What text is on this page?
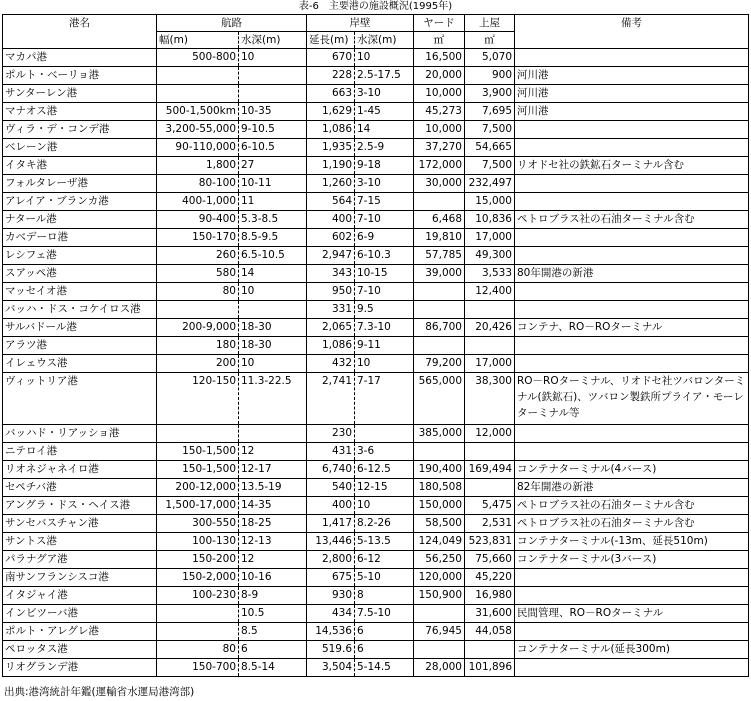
表-6　主要港の施設概況(1995年)
港名	航路		岸壁		ヤード	上屋	備考
	幅(m)	水深(m)	延長(m)	水深(m)	㎡	㎡	
マカパ港	500-800	10	670	10	16,500	5,070	
ポルト・ベーリョ港			228	2.5-17.5	20,000	900	河川港
サンターレン港			663	3-10	10,000	3,900	河川港
マナオス港	500-1,500km	10-35	1,629	1-45	45,273	7,695	河川港
ヴィラ・デ・コンデ港	3,200-55,000	9-10.5	1,086	14	10,000	7,500	
ベレーン港	90-110,000	6-10.5	1,935	2.5-9	37,270	54,665	
イタキ港	1,800	27	1,190	9-18	172,000	7,500	リオドセ社の鉄鉱石ターミナル含む
フォルタレーザ港	80-100	10-11	1,260	3-10	30,000	232,497	
アレイア・ブランカ港	400-1,000	11	564	7-15		15,000	
ナタール港	90-400	5.3-8.5	400	7-10	6,468	10,836	ペトロブラス社の石油ターミナル含む
カベデーロ港	150-170	8.5-9.5	602	6-9	19,810	17,000	
レシフェ港	260	6.5-10.5	2,947	6-10.3	57,785	49,300	
スアッペ港	580	14	343	10-15	39,000	3,533	80年開港の新港
マッセイオ港	80	10	950	7-10		12,400	
バッハ・ドス・コケイロス港			331	9.5			
サルバドール港	200-9,000	18-30	2,065	7.3-10	86,700	20,426	コンテナ、RO－ROターミナル
アラツ港	180	18-30	1,086	9-11			
イレェウス港	200	10	432	10	79,200	17,000	
ヴィットリア港	120-150	11.3-22.5	2,741	7-17	565,000	38,300	RO－ROターミナル、リオドセ社ツバロンターミナル(鉄鉱石)、ツバロン製鉄所プライア・モーレターミナル等
バッハド・リアッショ港			230		385,000	12,000	
ニテロイ港	150-1,500	12	431	3-6			
リオネジャネイロ港	150-1,500	12-17	6,740	6-12.5	190,400	169,494	コンテナターミナル(4バース)
セペチバ港	200-12,000	13.5-19	540	12-15	180,508		82年開港の新港
アングラ・ドス・ヘイス港	1,500-17,000	14-35	400	10	150,000	5,475	ペトロブラス社の石油ターミナル含む
サンセバスチャン港	300-550	18-25	1,417	8.2-26	58,500	2,531	ペトロブラス社の石油ターミナル含む
サントス港	100-130	12-13	13,446	5-13.5	124,049	523,831	コンテナターミナル(-13m、延長510m)
パラナグア港	150-200	12	2,800	6-12	56,250	75,660	コンテナターミナル(3バース)
南サンフランシスコ港	150-2,000	10-16	675	5-10	120,000	45,220	
イタジャイ港	100-230	8-9	930	8	150,900	16,980	
インビツーバ港		10.5	434	7.5-10		31,600	民間管理、RO－ROターミナル
ポルト・アレグレ港		8.5	14,536	6	76,945	44,058	
ペロッタス港	80	6	519.6	6			コンテナターミナル(延長300m)
リオグランデ港	150-700	8.5-14	3,504	5-14.5	28,000	101,896	
出典:港湾統計年鑑(運輸省水運局港湾部)
